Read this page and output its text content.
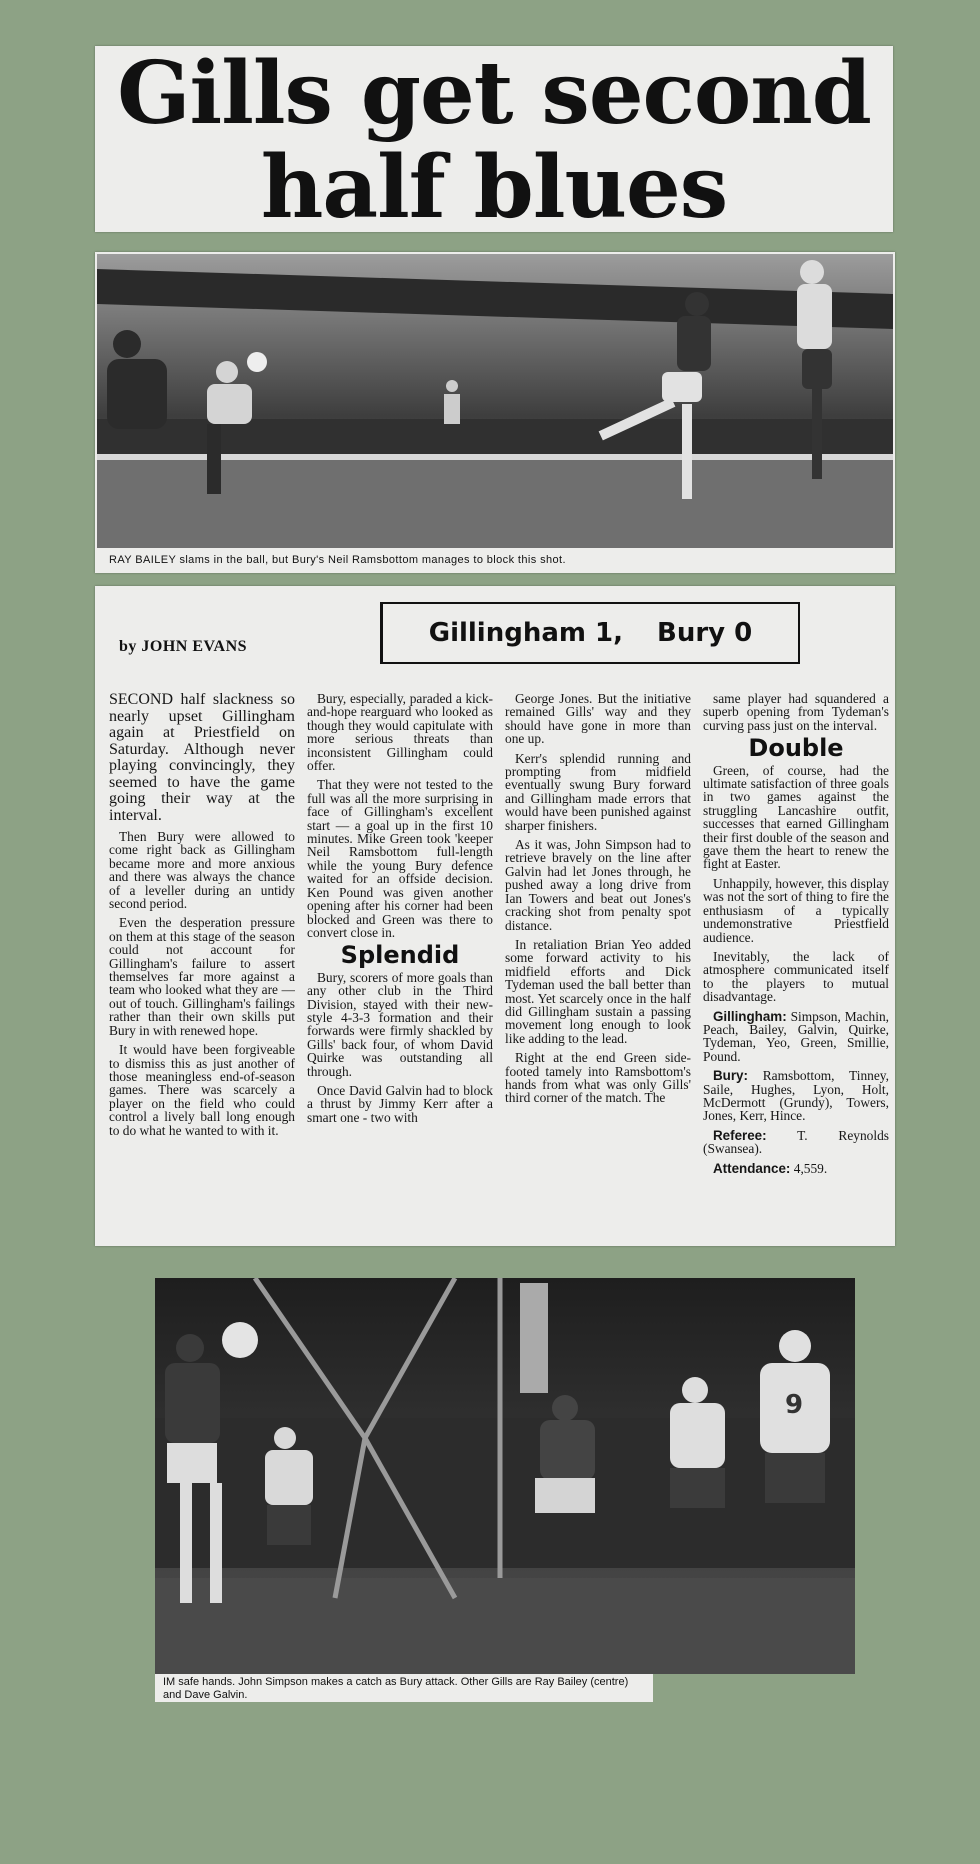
Gills get second

half blues

RAY BAILEY slams in the ball, but Bury's Neil Ramsbottom manages to block this shot.
by JOHN EVANS	Gillingham 1, Bury 0

SECOND half slackness so nearly upset Gillingham again at Priestfield on Saturday. Although never playing convincingly, they seemed to have the game going their way at the interval.

Then Bury were allowed to come right back as Gillingham became more and more anxious and there was always the chance of a leveller during an untidy second period.

Even the desperation pressure on them at this stage of the season could not account for Gillingham's failure to assert themselves far more against a team who looked what they are — out of touch. Gillingham's failings rather than their own skills put Bury in with renewed hope.

It would have been forgiveable to dismiss this as just another of those meaningless end-of-season games. There was scarcely a player on the field who could control a lively ball long enough to do what he wanted to with it.

Bury, especially, paraded a kick-and-hope rearguard who looked as though they would capitulate with more serious threats than inconsistent Gillingham could offer.

That they were not tested to the full was all the more surprising in face of Gillingham's excellent start — a goal up in the first 10 minutes. Mike Green took 'keeper Neil Ramsbottom full-length while the young Bury defence waited for an offside decision. Ken Pound was given another opening after his corner had been blocked and Green was there to convert close in.

Splendid

Bury, scorers of more goals than any other club in the Third Division, stayed with their new-style 4-3-3 formation and their forwards were firmly shackled by Gills' back four, of whom David Quirke was outstanding all through.

Once David Galvin had to block a thrust by Jimmy Kerr after a smart one - two with

George Jones. But the initiative remained Gills' way and they should have gone in more than one up.

Kerr's splendid running and prompting from midfield eventually swung Bury forward and Gillingham made errors that would have been punished against sharper finishers.

As it was, John Simpson had to retrieve bravely on the line after Galvin had let Jones through, he pushed away a long drive from Ian Towers and beat out Jones's cracking shot from penalty spot distance.

In retaliation Brian Yeo added some forward activity to his midfield efforts and Dick Tydeman used the ball better than most. Yet scarcely once in the half did Gillingham sustain a passing movement long enough to look like adding to the lead.

Right at the end Green side-footed tamely into Ramsbottom's hands from what was only Gills' third corner of the match. The

same player had squandered a superb opening from Tydeman's curving pass just on the interval.

Double

Green, of course, had the ultimate satisfaction of three goals in two games against the struggling Lancashire outfit, successes that earned Gillingham their first double of the season and gave them the heart to renew the fight at Easter.

Unhappily, however, this display was not the sort of thing to fire the enthusiasm of a typically undemonstrative Priestfield audience.

Inevitably, the lack of atmosphere communicated itself to the players to mutual disadvantage.

Gillingham: Simpson, Machin, Peach, Bailey, Galvin, Quirke, Tydeman, Yeo, Green, Smillie, Pound.

Bury: Ramsbottom, Tinney, Saile, Hughes, Lyon, Holt, McDermott (Grundy), Towers, Jones, Kerr, Hince.

Referee: T. Reynolds (Swansea).

Attendance: 4,559.

9
IM safe hands. John Simpson makes a catch as Bury attack. Other Gills are Ray Bailey (centre) and Dave Galvin.
